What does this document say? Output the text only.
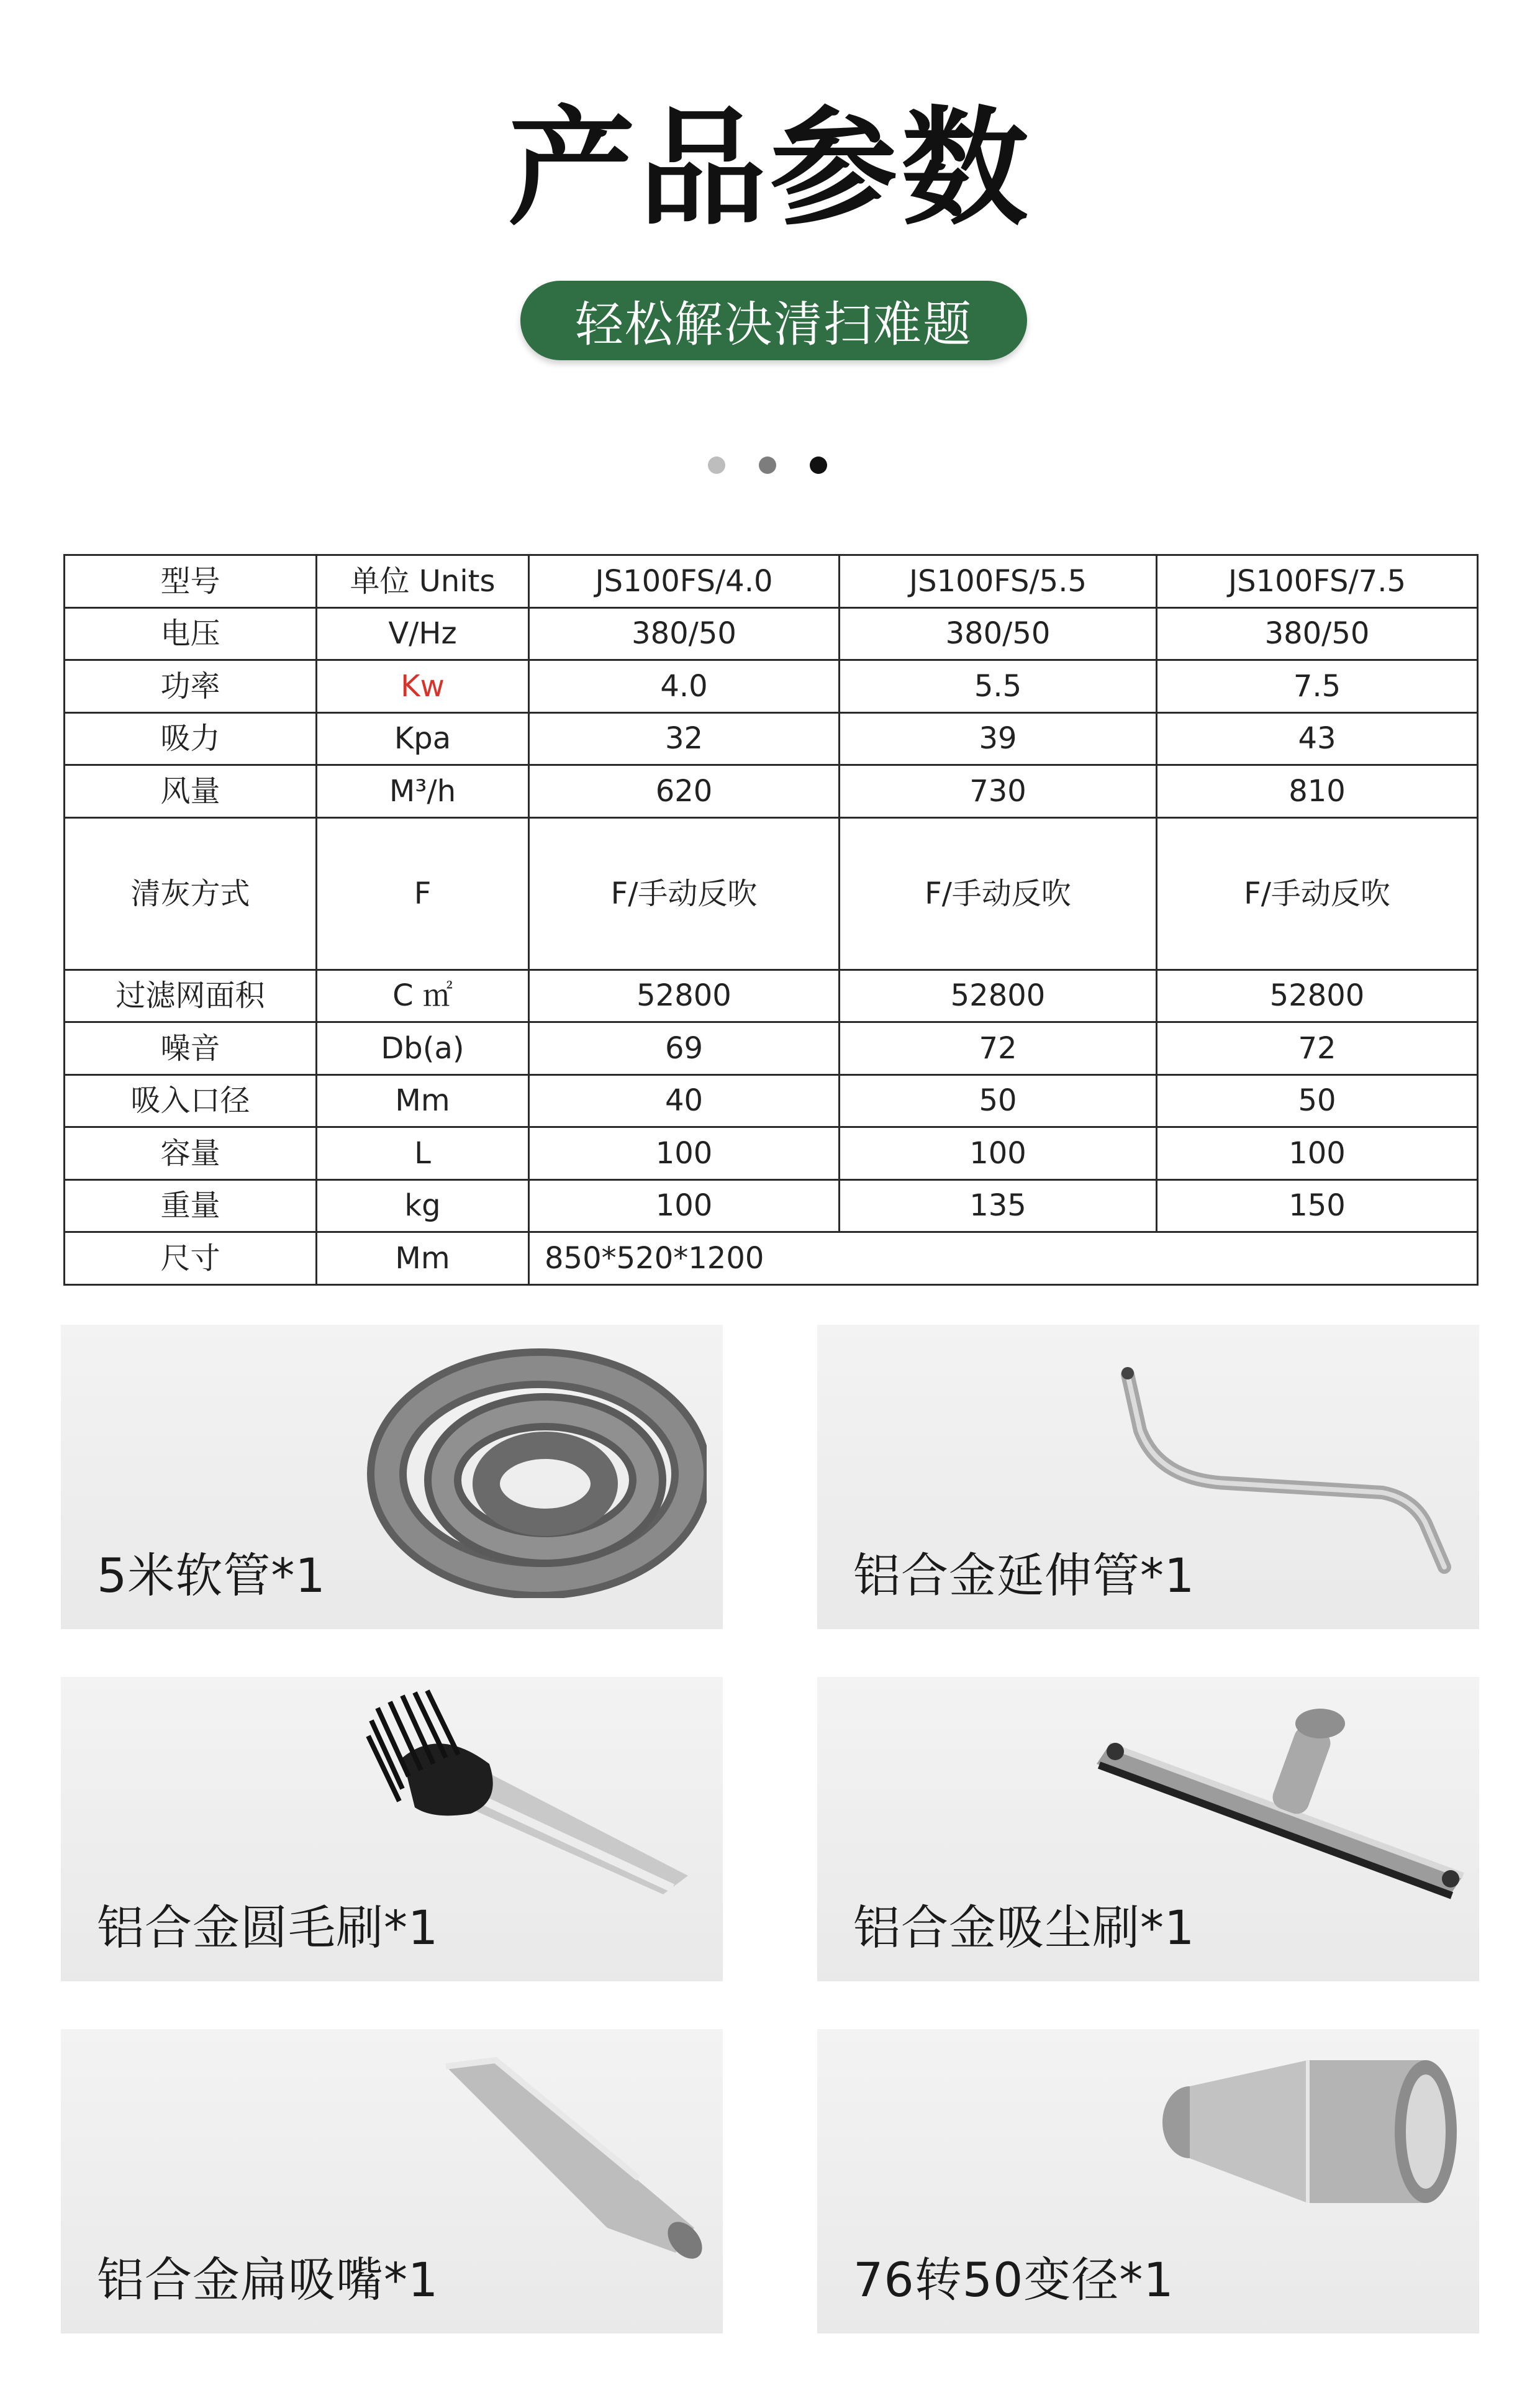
产品参数
轻松解决清扫难题
型号	单位 Units	JS100FS/4.0	JS100FS/5.5	JS100FS/7.5
电压	V/Hz	380/50	380/50	380/50
功率	Kw	4.0	5.5	7.5
吸力	Kpa	32	39	43
风量	M³/h	620	730	810
清灰方式	F	F/手动反吹	F/手动反吹	F/手动反吹
过滤网面积	C ㎡	52800	52800	52800
噪音	Db(a)	69	72	72
吸入口径	Mm	40	50	50
容量	L	100	100	100
重量	kg	100	135	150
尺寸	Mm	850*520*1200		
5米软管*1	铝合金延伸管*1
铝合金圆毛刷*1	铝合金吸尘刷*1
铝合金扁吸嘴*1	76转50变径*1
